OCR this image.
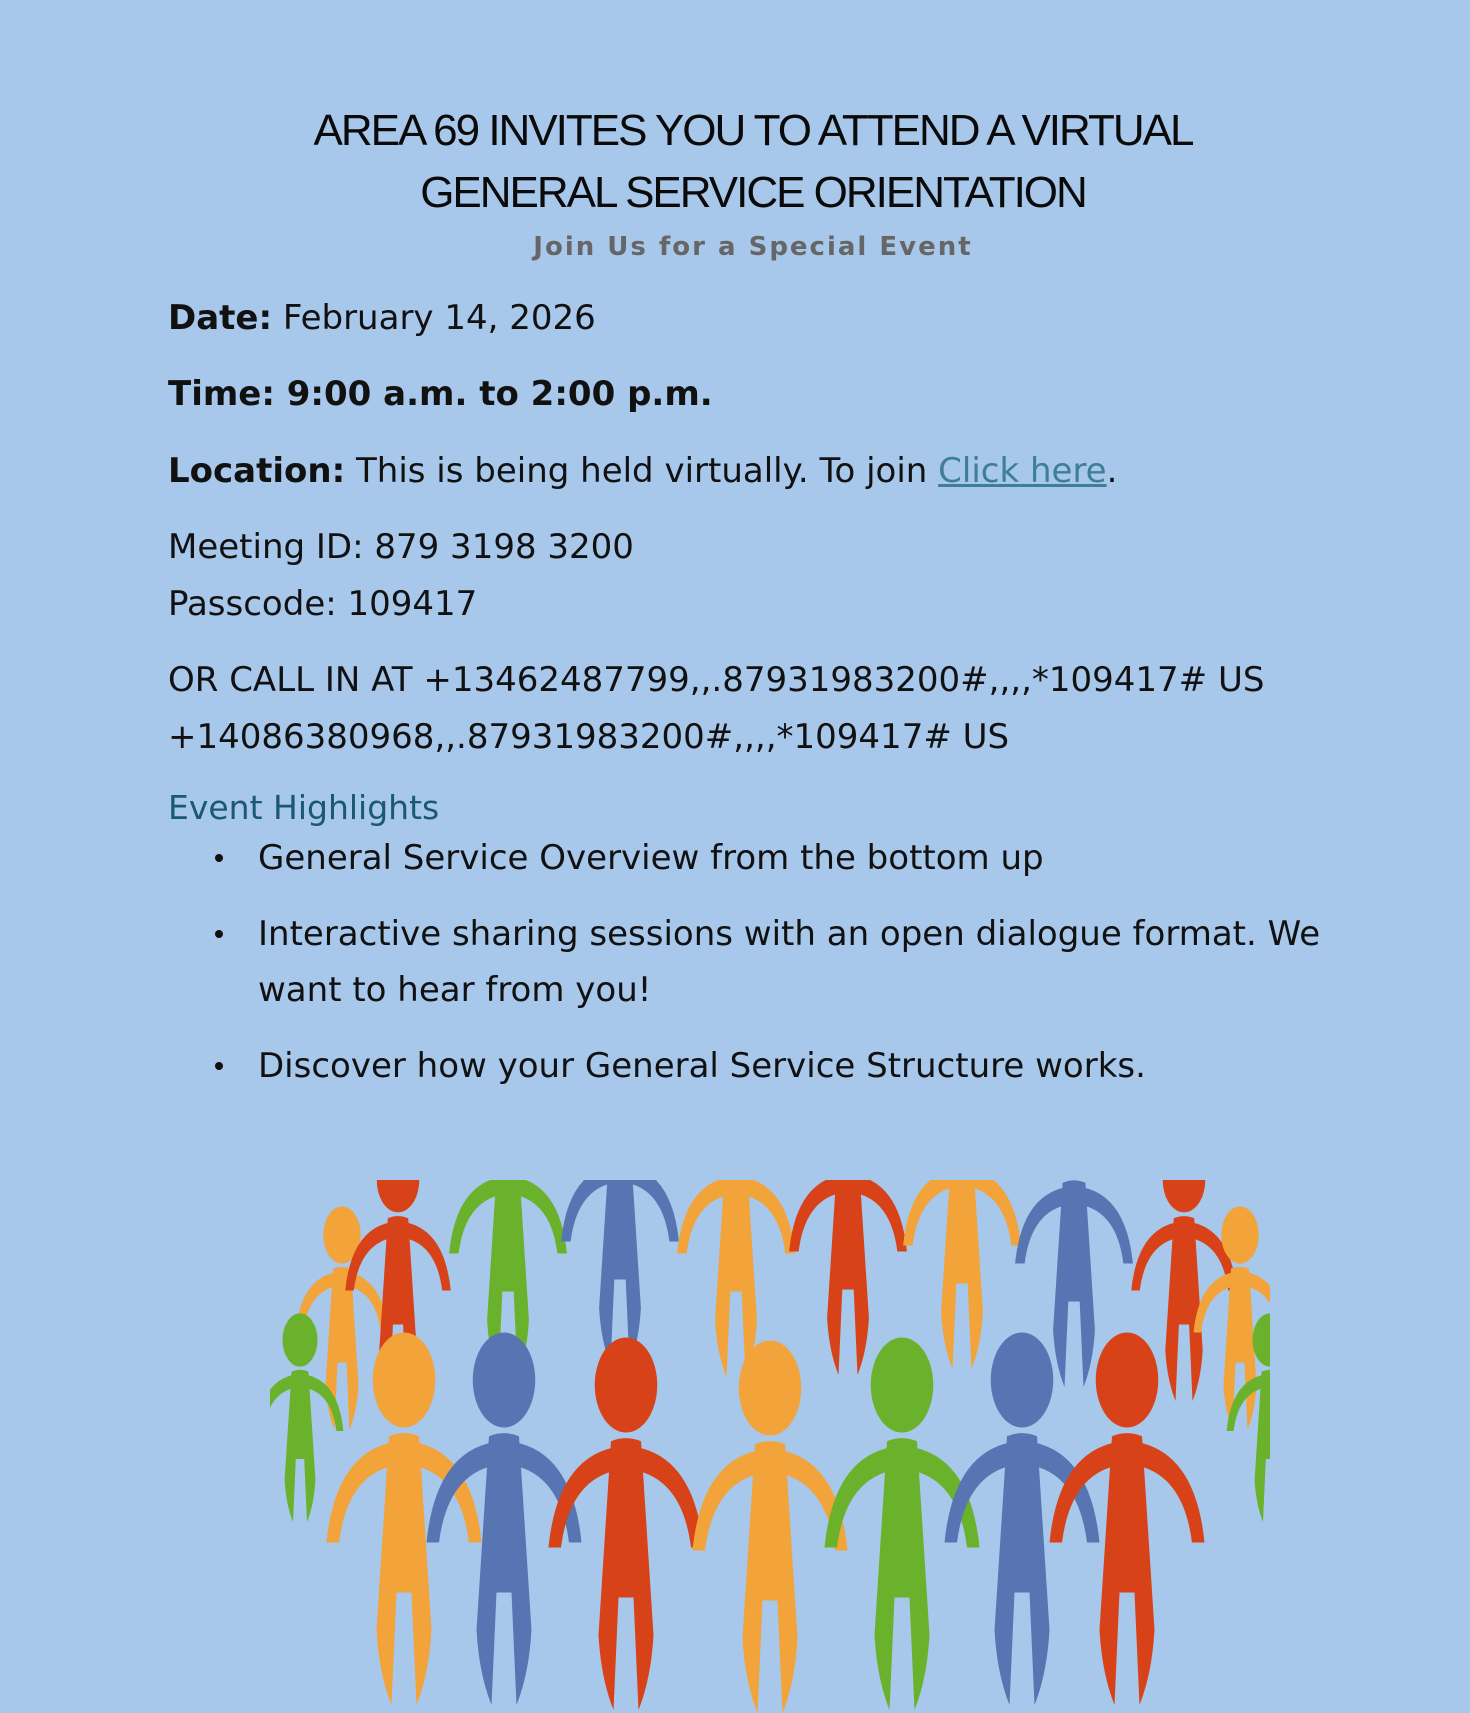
AREA 69 INVITES YOU TO ATTEND A VIRTUAL
GENERAL SERVICE ORIENTATION
Join Us for a Special Event
Date: February 14, 2026
Time: 9:00 a.m. to 2:00 p.m.
Location: This is being held virtually. To join Click here.
Meeting ID: 879 3198 3200
Passcode: 109417
OR CALL IN AT +13462487799,,.87931983200#,,,,*109417# US
+14086380968,,.87931983200#,,,,*109417# US
Event Highlights
General Service Overview from the bottom up
Interactive sharing sessions with an open dialogue format. We want to hear from you!
Discover how your General Service Structure works.
